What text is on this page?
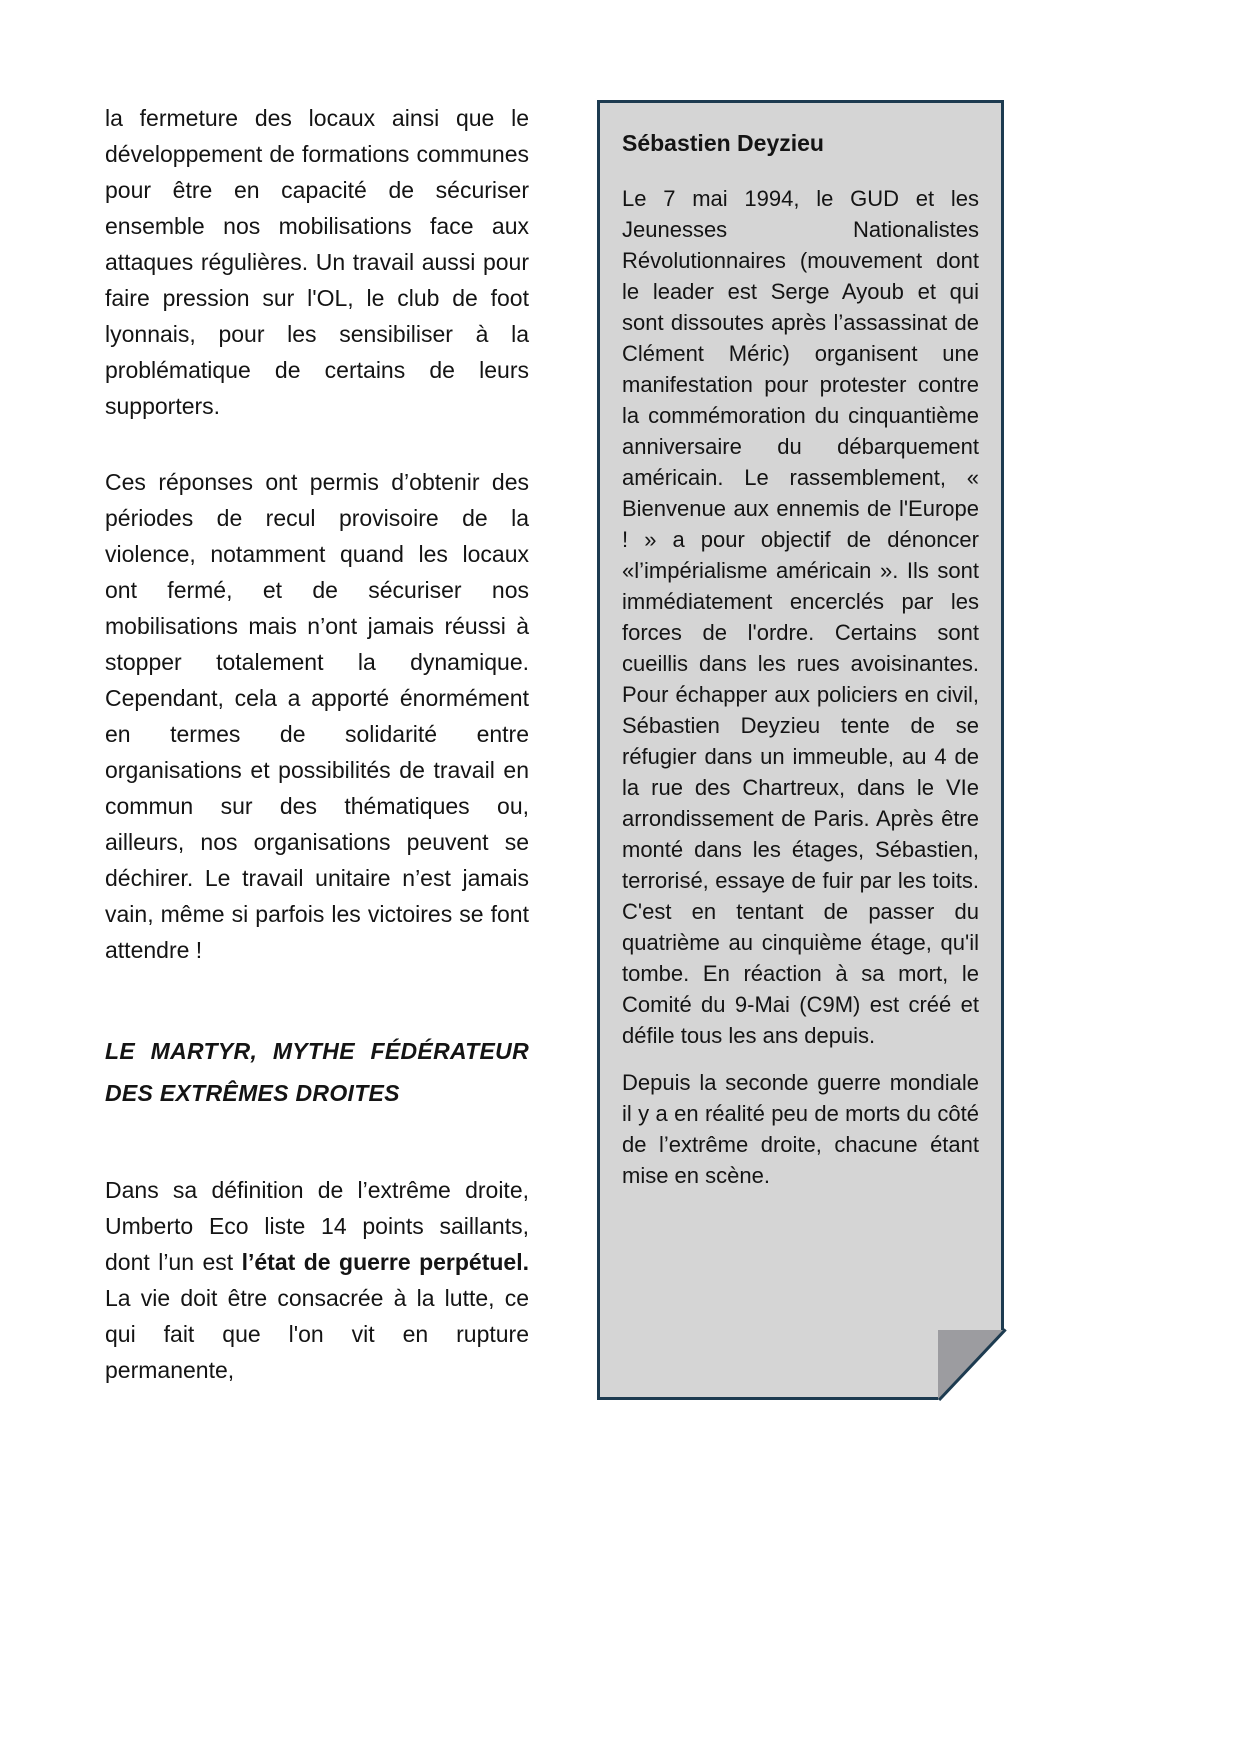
la fermeture des locaux ainsi que le développement de formations communes pour être en capacité de sécuriser ensemble nos mobilisations face aux attaques régulières. Un travail aussi pour faire pression sur l'OL, le club de foot lyonnais, pour les sensibiliser à la problématique de certains de leurs supporters.

Ces réponses ont permis d’obtenir des périodes de recul provisoire de la violence, notamment quand les locaux ont fermé, et de sécuriser nos mobilisations mais n’ont jamais réussi à stopper totalement la dynamique. Cependant, cela a apporté énormément en termes de solidarité entre organisations et possibilités de travail en commun sur des thématiques ou, ailleurs, nos organisations peuvent se déchirer. Le travail unitaire n’est jamais vain, même si parfois les victoires se font attendre !

LE MARTYR, MYTHE FÉDÉRATEUR DES EXTRÊMES DROITES

Dans sa définition de l’extrême droite, Umberto Eco liste 14 points saillants, dont l’un est l’état de guerre perpétuel. La vie doit être consacrée à la lutte, ce qui fait que l'on vit en rupture permanente,

Sébastien Deyzieu

Le 7 mai 1994, le GUD et les Jeunesses Nationalistes Révolutionnaires (mouvement dont le leader est Serge Ayoub et qui sont dissoutes après l’assassinat de Clément Méric) organisent une manifestation pour protester contre la commémoration du cinquantième anniversaire du débarquement américain. Le rassemblement, « Bienvenue aux ennemis de l'Europe ! » a pour objectif de dénoncer «l’impérialisme américain ». Ils sont immédiatement encerclés par les forces de l'ordre. Certains sont cueillis dans les rues avoisinantes. Pour échapper aux policiers en civil, Sébastien Deyzieu tente de se réfugier dans un immeuble, au 4 de la rue des Chartreux, dans le VIe arrondissement de Paris. Après être monté dans les étages, Sébastien, terrorisé, essaye de fuir par les toits. C'est en tentant de passer du quatrième au cinquième étage, qu'il tombe. En réaction à sa mort, le Comité du 9-Mai (C9M) est créé et défile tous les ans depuis.

Depuis la seconde guerre mondiale il y a en réalité peu de morts du côté de l’extrême droite, chacune étant mise en scène.
